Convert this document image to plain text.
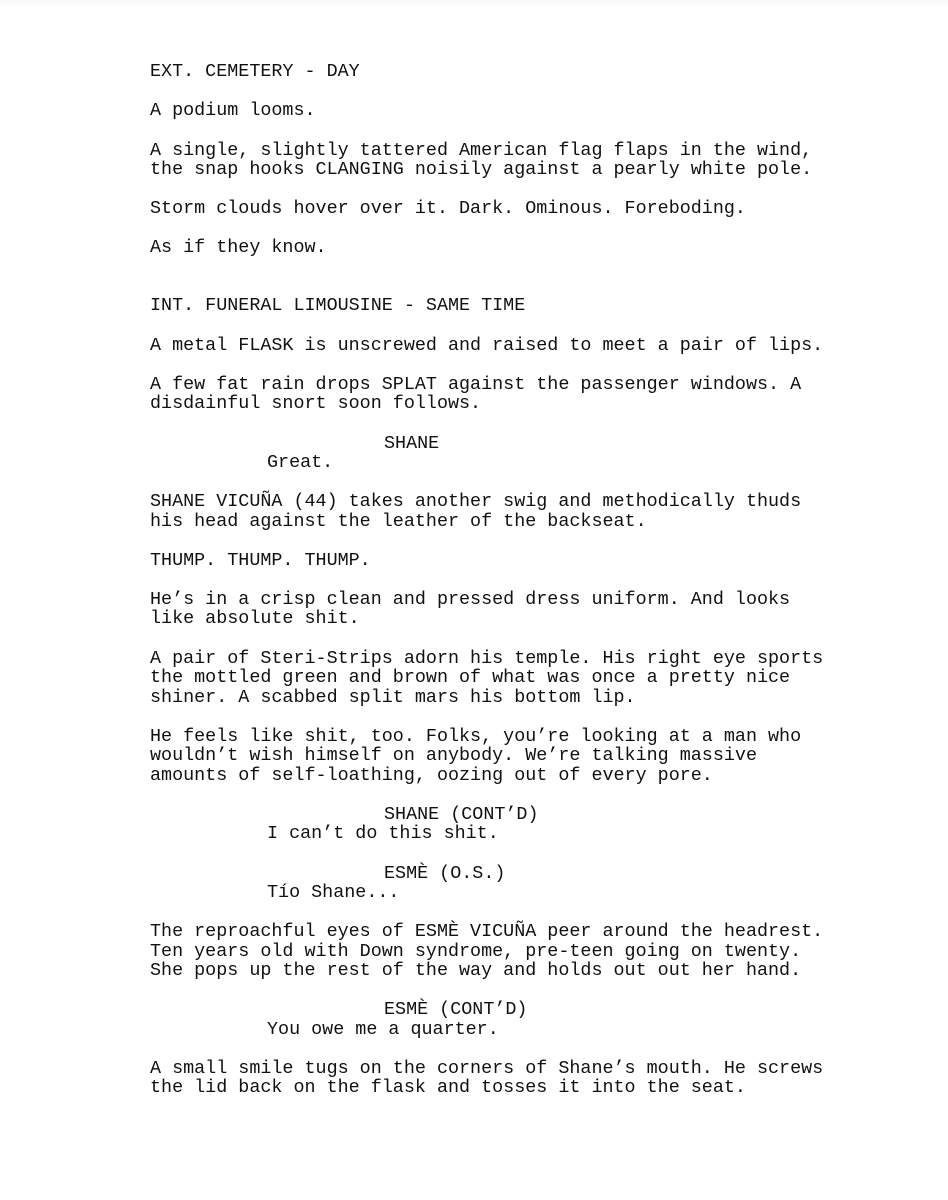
EXT. CEMETERY - DAY

A podium looms.

A single, slightly tattered American flag flaps in the wind,

the snap hooks CLANGING noisily against a pearly white pole.

Storm clouds hover over it. Dark. Ominous. Foreboding.

As if they know.

INT. FUNERAL LIMOUSINE - SAME TIME

A metal FLASK is unscrewed and raised to meet a pair of lips.

A few fat rain drops SPLAT against the passenger windows. A

disdainful snort soon follows.

SHANE

Great.

SHANE VICUÑA (44) takes another swig and methodically thuds

his head against the leather of the backseat.

THUMP. THUMP. THUMP.

He’s in a crisp clean and pressed dress uniform. And looks

like absolute shit.

A pair of Steri-Strips adorn his temple. His right eye sports

the mottled green and brown of what was once a pretty nice

shiner. A scabbed split mars his bottom lip.

He feels like shit, too. Folks, you’re looking at a man who

wouldn’t wish himself on anybody. We’re talking massive

amounts of self-loathing, oozing out of every pore.

SHANE (CONT’D)

I can’t do this shit.

ESMÈ (O.S.)

Tío Shane...

The reproachful eyes of ESMÈ VICUÑA peer around the headrest.

Ten years old with Down syndrome, pre-teen going on twenty.

She pops up the rest of the way and holds out out her hand.

ESMÈ (CONT’D)

You owe me a quarter.

A small smile tugs on the corners of Shane’s mouth. He screws

the lid back on the flask and tosses it into the seat.
